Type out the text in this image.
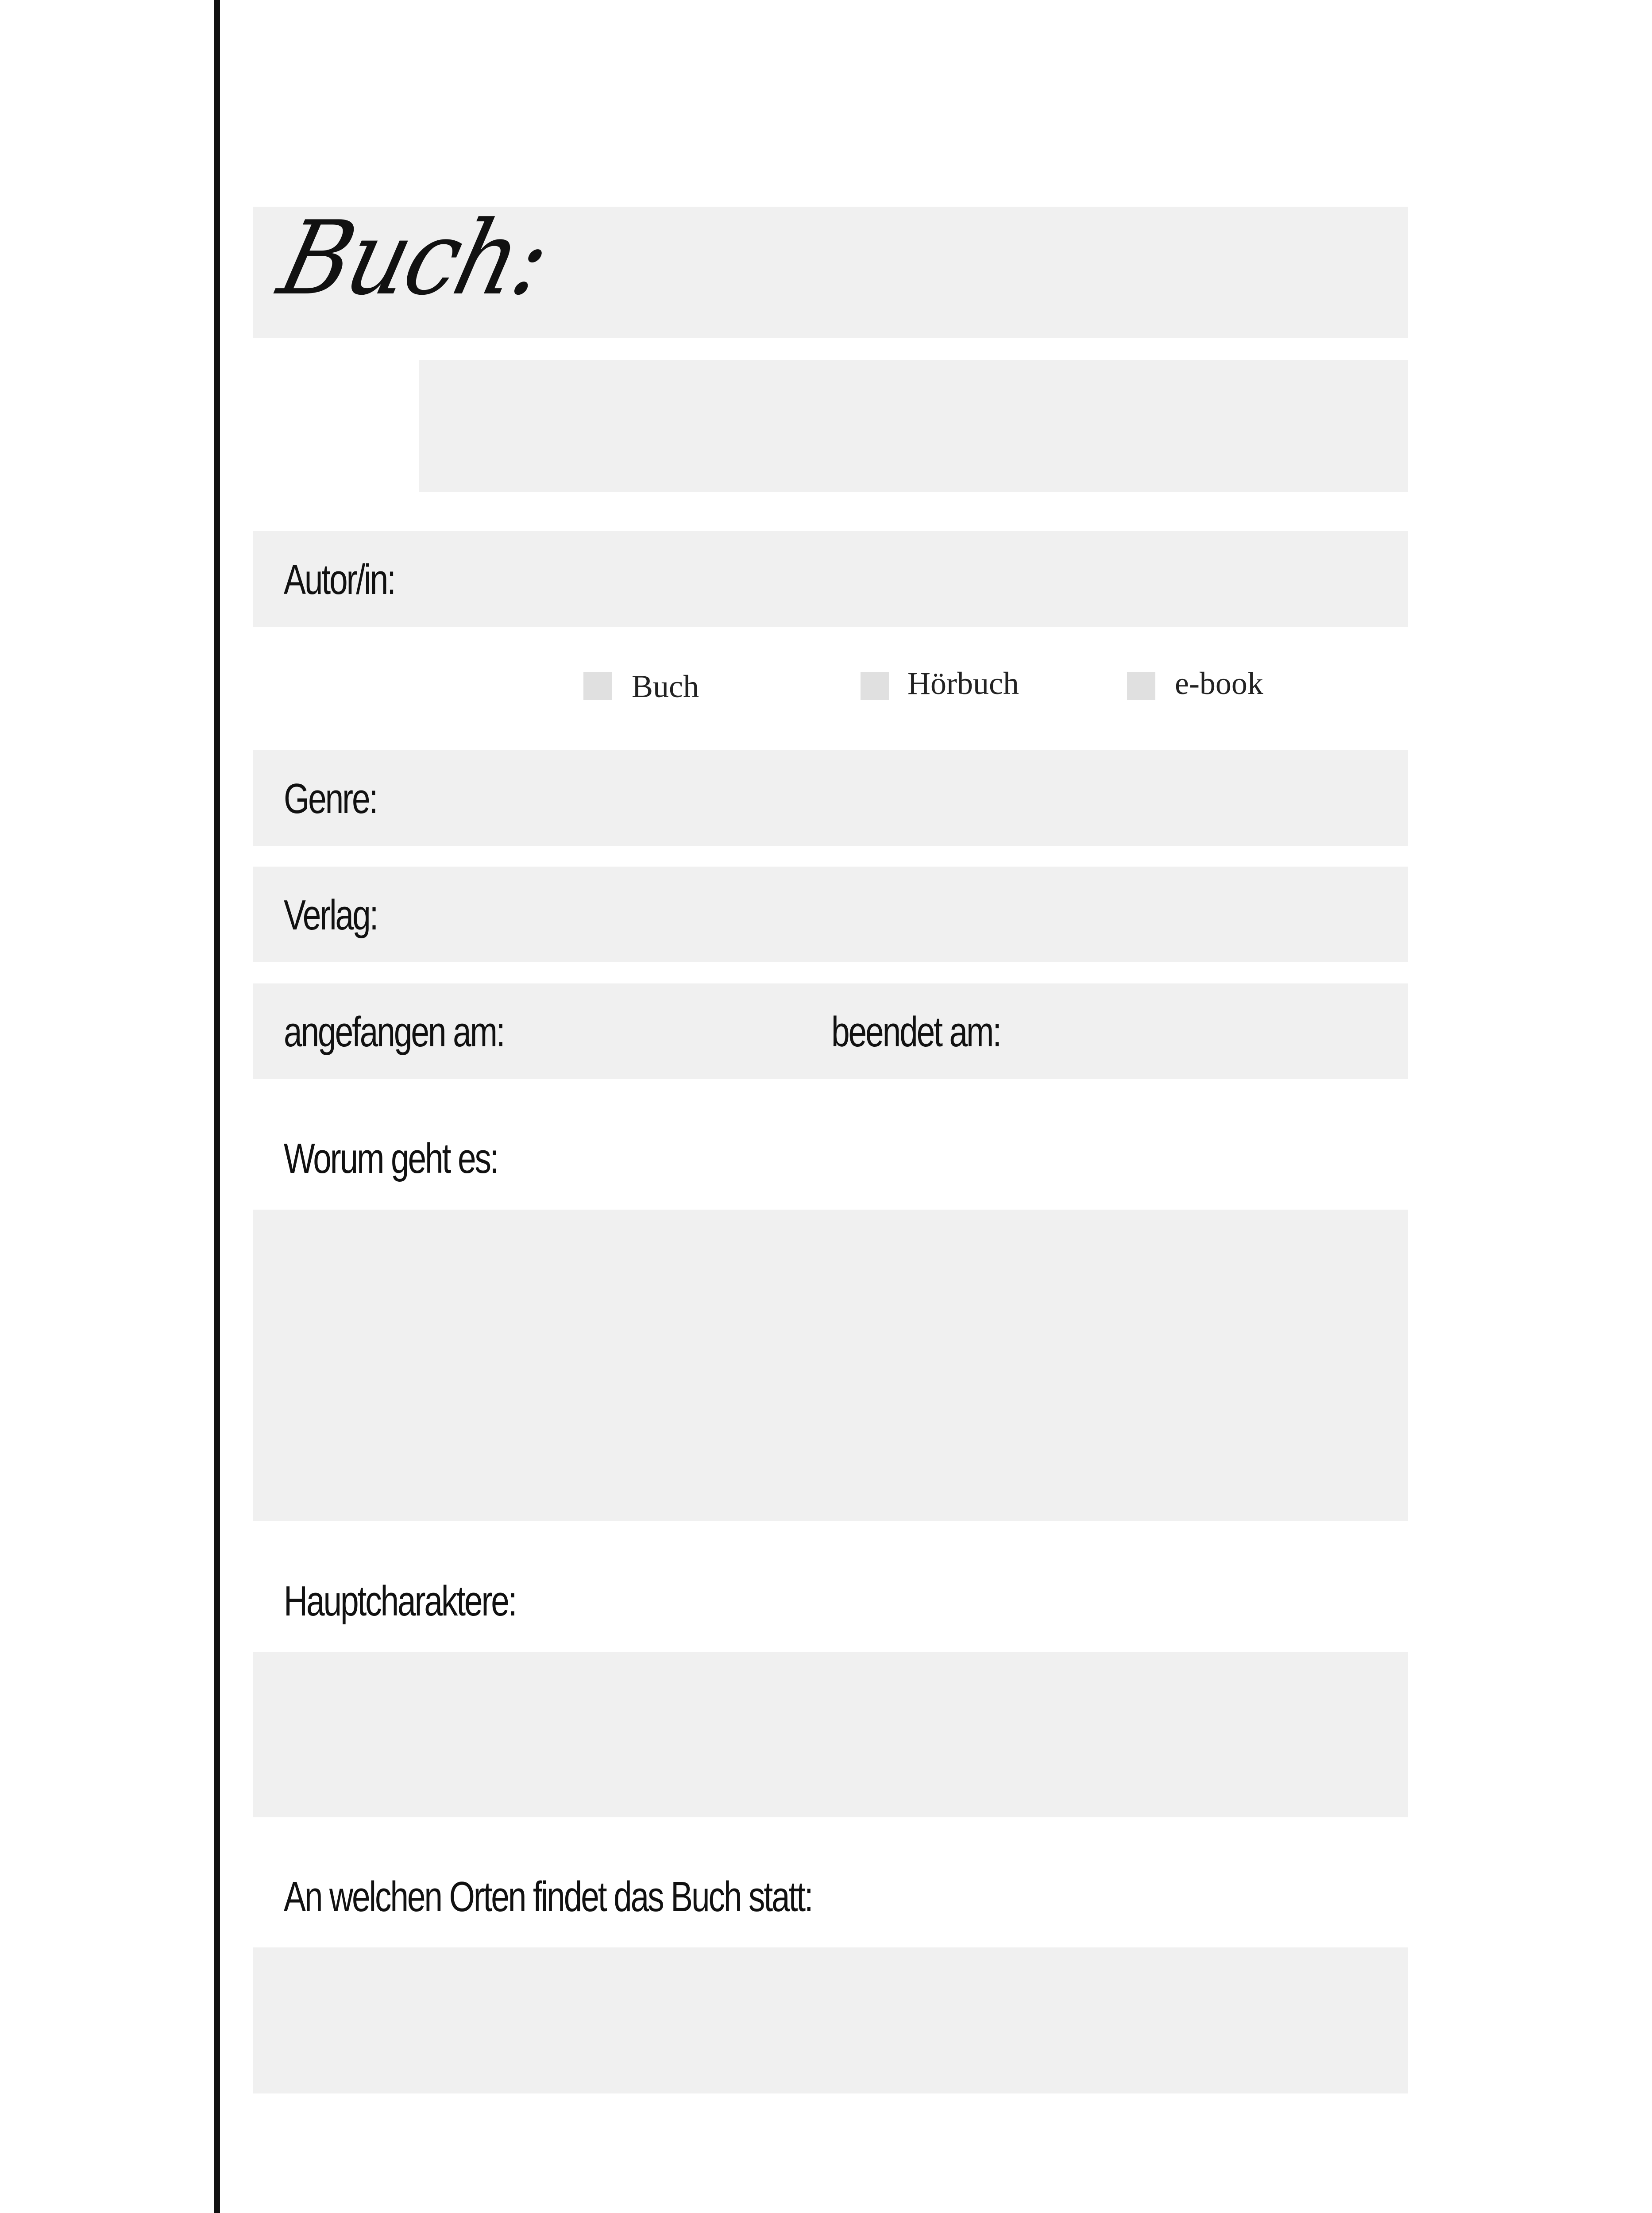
Buch:
Autor/in:
Buch	Hörbuch	e-book
Genre:
Verlag:
angefangen am:	beendet am:
Worum geht es:
Hauptcharaktere:
An welchen Orten findet das Buch statt:
